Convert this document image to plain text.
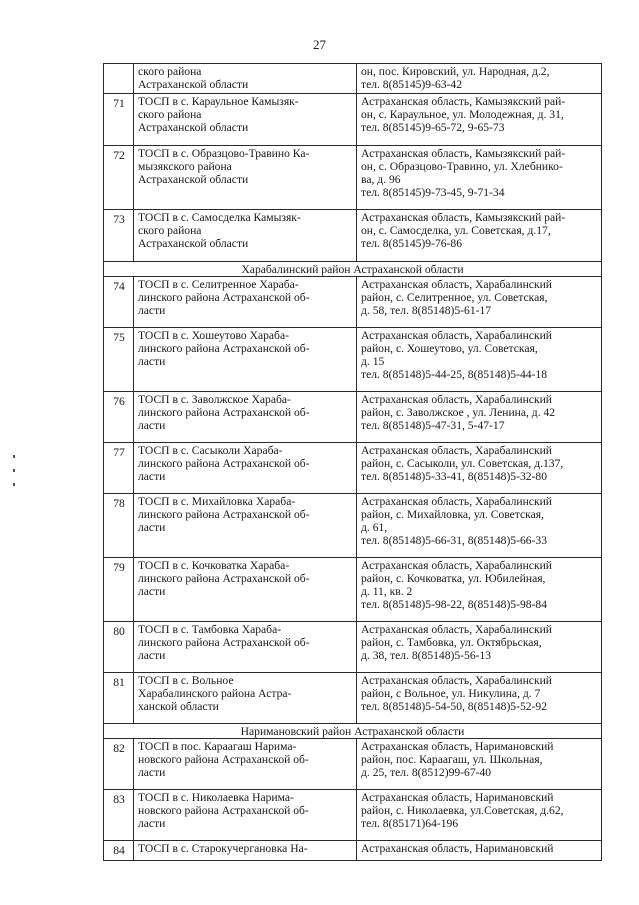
27
	ского района
Астраханской области	он, пос. Кировский, ул. Народная, д.2,
тел. 8(85145)9-63-42
71	ТОСП в с. Караульное Камызяк-
ского района
Астраханской области	Астраханская область, Камызякский рай-
он, с. Караульное, ул. Молодежная, д. 31,
тел. 8(85145)9-65-72, 9-65-73
72	ТОСП в с. Образцово-Травино Ка-
мызякского района
Астраханской области	Астраханская область, Камызякский рай-
он, с. Образцово-Травино, ул. Хлебнико-
ва, д. 96
тел. 8(85145)9-73-45, 9-71-34
73	ТОСП в с. Самосделка Камызяк-
ского района
Астраханской области	Астраханская область, Камызякский рай-
он, с. Самосделка, ул. Советская, д.17,
тел. 8(85145)9-76-86
Харабалинский район Астраханской области		
74	ТОСП в с. Селитренное Хараба-
линского района Астраханской об-
ласти	Астраханская область, Харабалинский
район, с. Селитренное, ул. Советская,
д. 58, тел. 8(85148)5-61-17
75	ТОСП в с. Хошеутово Хараба-
линского района Астраханской об-
ласти	Астраханская область, Харабалинский
район, с. Хошеутово, ул. Советская,
д. 15
тел. 8(85148)5-44-25, 8(85148)5-44-18
76	ТОСП в с. Заволжское Хараба-
линского района Астраханской об-
ласти	Астраханская область, Харабалинский
район, с. Заволжское , ул. Ленина, д. 42
тел. 8(85148)5-47-31, 5-47-17
77	ТОСП в с. Сасыколи Хараба-
линского района Астраханской об-
ласти	Астраханская область, Харабалинский
район, с. Сасыколи, ул. Советская, д.137,
тел. 8(85148)5-33-41, 8(85148)5-32-80
78	ТОСП в с. Михайловка Хараба-
линского района Астраханской об-
ласти	Астраханская область, Харабалинский
район, с. Михайловка, ул. Советская,
д. 61,
тел. 8(85148)5-66-31, 8(85148)5-66-33
79	ТОСП в с. Кочковатка Хараба-
линского района Астраханской об-
ласти	Астраханская область, Харабалинский
район, с. Кочковатка, ул. Юбилейная,
д. 11, кв. 2
тел. 8(85148)5-98-22, 8(85148)5-98-84
80	ТОСП в с. Тамбовка Хараба-
линского района Астраханской об-
ласти	Астраханская область, Харабалинский
район, с. Тамбовка, ул. Октябрьская,
д. 38, тел. 8(85148)5-56-13
81	ТОСП в с. Вольное
Харабалинского района Астра-
ханской области	Астраханская область, Харабалинский
район, с Вольное, ул. Никулина, д. 7
тел. 8(85148)5-54-50, 8(85148)5-52-92
Наримановский район Астраханской области		
82	ТОСП в пос. Караагаш Нарима-
новского района Астраханской об-
ласти	Астраханская область, Наримановский
район, пос. Караагаш, ул. Школьная,
д. 25, тел. 8(8512)99-67-40
83	ТОСП в с. Николаевка Нарима-
новского района Астраханской об-
ласти	Астраханская область, Наримановский
район, с. Николаевка, ул.Советская, д.62,
тел. 8(85171)64-196
84	ТОСП в с. Старокучергановка На-	Астраханская область, Наримановский
